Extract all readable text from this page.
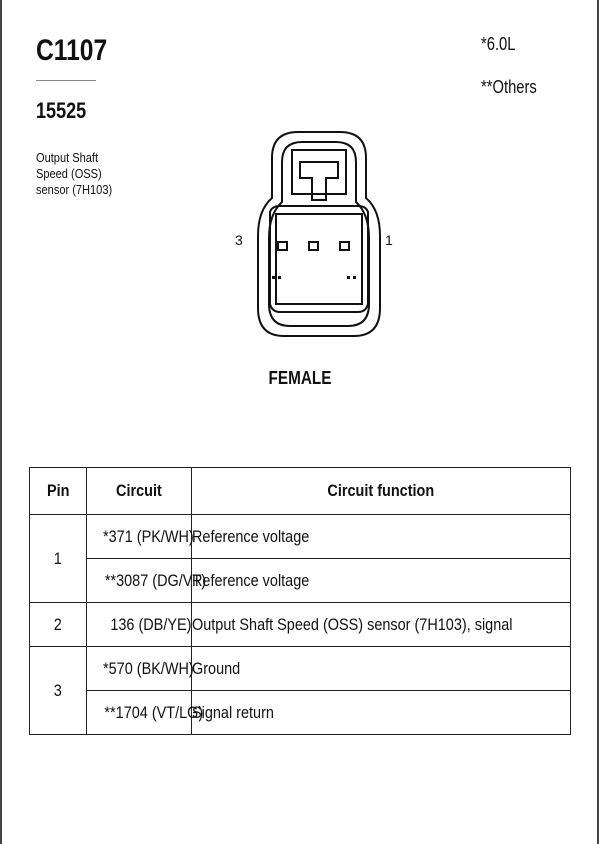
C1107
15525
Output Shaft
Speed (OSS)
sensor (7H103)
*6.0L
**Others
3	1
FEMALE
Pin	Circuit	Circuit function
1	*371 (PK/WH)	Reference voltage
	**3087 (DG/VT)	Reference voltage
2	136 (DB/YE)	Output Shaft Speed (OSS) sensor (7H103), signal
3	*570 (BK/WH)	Ground
	**1704 (VT/LG)	Signal return
